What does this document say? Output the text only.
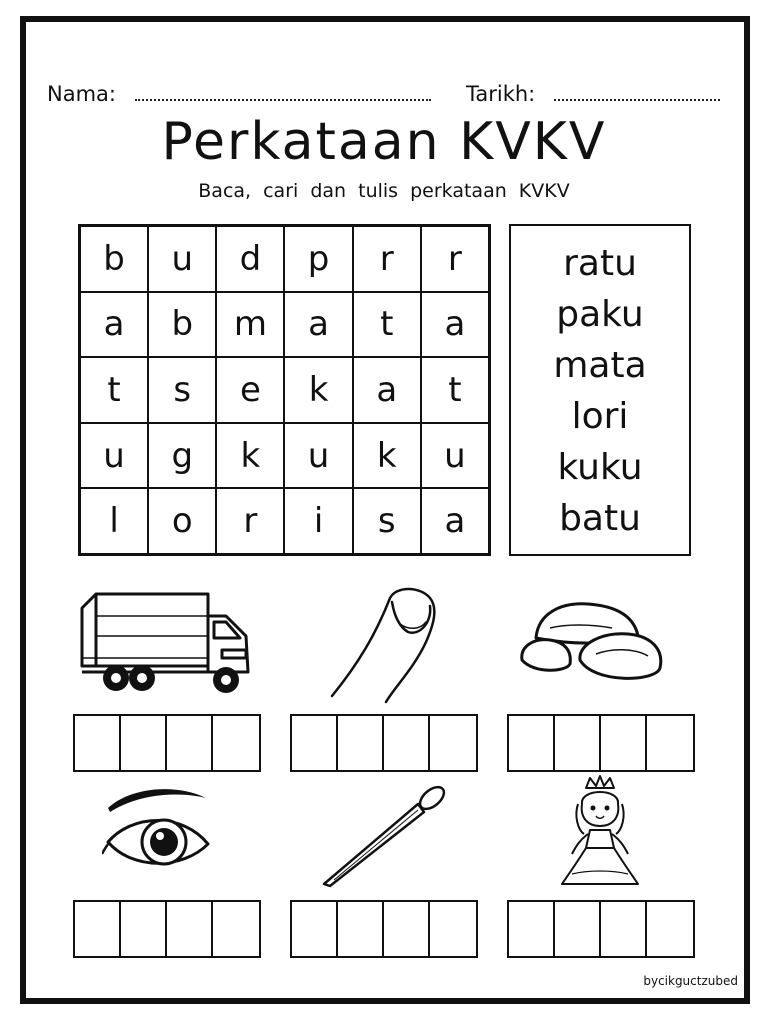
Nama:	Tarikh:
Perkataan KVKV
Baca, cari dan tulis perkataan KVKV
b	u	d	p	r	r
a	b	m	a	t	a
t	s	e	k	a	t
u	g	k	u	k	u
l	o	r	i	s	a
ratu
paku
mata
lori
kuku
batu
bycikguctzubed
